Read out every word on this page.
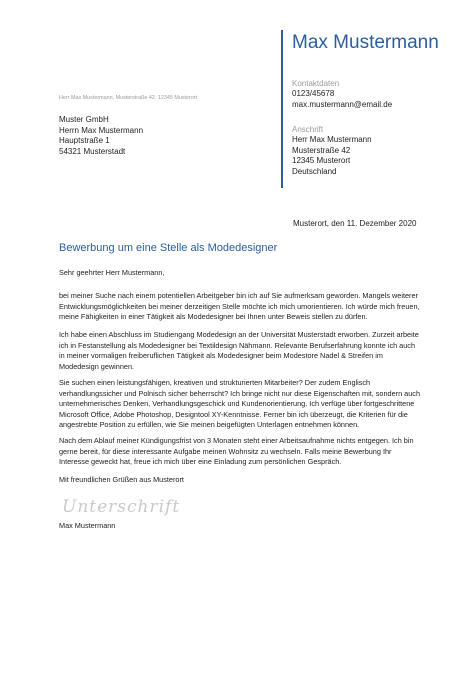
Max Mustermann
Kontaktdaten
0123/45678
max.mustermann@email.de
Anschrift
Herr Max Mustermann
Musterstraße 42
12345 Musterort
Deutschland
Herr Max Mustermann, Musterstraße 42, 12345 Musterort
Muster GmbH
Herrn Max Mustermann
Hauptstraße 1
54321 Musterstadt
Musterort, den 11. Dezember 2020
Bewerbung um eine Stelle als Modedesigner

Sehr geehrter Herr Mustermann,

bei meiner Suche nach einem potentiellen Arbeitgeber bin ich auf Sie aufmerksam geworden. Mangels weiterer Entwicklungsmöglichkeiten bei meiner derzeitigen Stelle möchte ich mich umorientieren. Ich würde mich freuen, meine Fähigkeiten in einer Tätigkeit als Modedesigner bei Ihnen unter Beweis stellen zu dürfen.

Ich habe einen Abschluss im Studiengang Modedesign an der Universität Musterstadt erworben. Zurzeit arbeite ich in Festanstellung als Modedesigner bei Textildesign Nähmann. Relevante Berufserfahrung konnte ich auch in meiner vormaligen freiberuflichen Tätigkeit als Modedesigner beim Modestore Nadel & Streifen im Modedesign gewinnen.

Sie suchen einen leistungsfähigen, kreativen und strukturierten Mitarbeiter? Der zudem Englisch verhandlungssicher und Polnisch sicher beherrscht? Ich bringe nicht nur diese Eigenschaften mit, sondern auch unternehmerisches Denken, Verhandlungsgeschick und Kundenorientierung. Ich verfüge über fortgeschrittene Microsoft Office, Adobe Photoshop, Designtool XY-Kenntnisse. Ferner bin ich überzeugt, die Kriterien für die angestrebte Position zu erfüllen, wie Sie meinen beigefügten Unterlagen entnehmen können.

Nach dem Ablauf meiner Kündigungsfrist von 3 Monaten steht einer Arbeitsaufnahme nichts entgegen. Ich bin gerne bereit, für diese interessante Aufgabe meinen Wohnsitz zu wechseln. Falls meine Bewerbung Ihr Interesse geweckt hat, freue ich mich über eine Einladung zum persönlichen Gespräch.

Mit freundlichen Grüßen aus Musterort

Unterschrift
Max Mustermann
